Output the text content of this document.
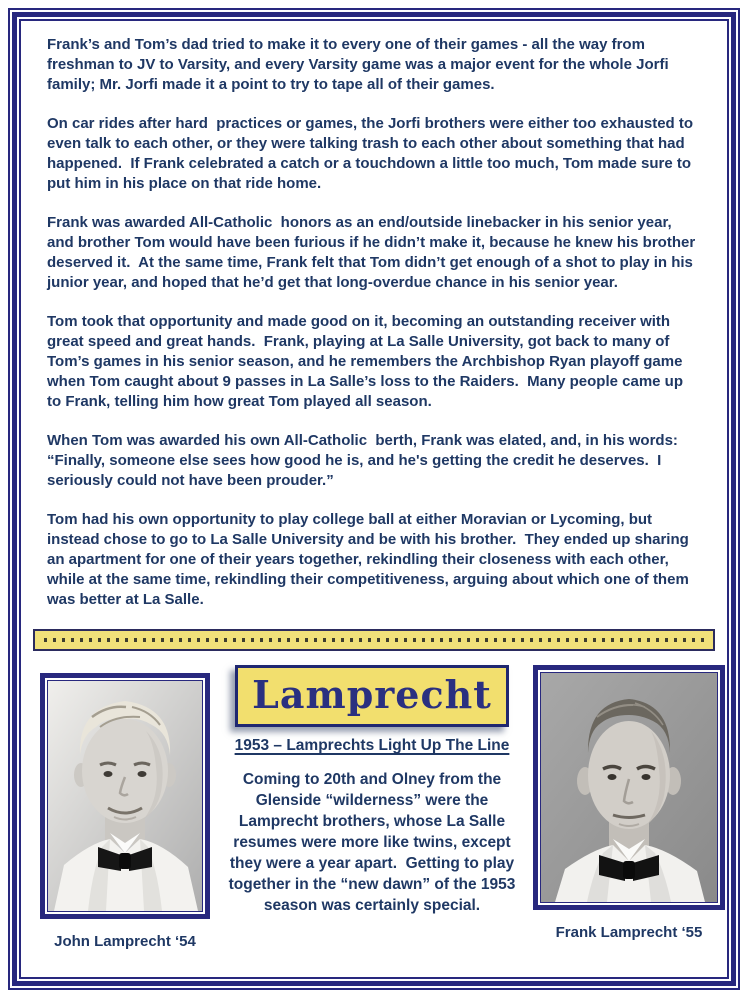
Frank’s and Tom’s dad tried to make it to every one of their games - all the way from freshman to JV to Varsity, and every Varsity game was a major event for the whole Jorfi family; Mr. Jorfi made it a point to try to tape all of their games.

On car rides after hard  practices or games, the Jorfi brothers were either too exhausted to even talk to each other, or they were talking trash to each other about something that had happened.  If Frank celebrated a catch or a touchdown a little too much, Tom made sure to put him in his place on that ride home.

Frank was awarded All-Catholic  honors as an end/outside linebacker in his senior year, and brother Tom would have been furious if he didn’t make it, because he knew his brother deserved it.  At the same time, Frank felt that Tom didn’t get enough of a shot to play in his junior year, and hoped that he’d get that long-overdue chance in his senior year.

Tom took that opportunity and made good on it, becoming an outstanding receiver with great speed and great hands.  Frank, playing at La Salle University, got back to many of Tom’s games in his senior season, and he remembers the Archbishop Ryan playoff game when Tom caught about 9 passes in La Salle’s loss to the Raiders.  Many people came up to Frank, telling him how great Tom played all season.

When Tom was awarded his own All-Catholic  berth, Frank was elated, and, in his words: “Finally, someone else sees how good he is, and he's getting the credit he deserves.  I seriously could not have been prouder.”

Tom had his own opportunity to play college ball at either Moravian or Lycoming, but instead chose to go to La Salle University and be with his brother.  They ended up sharing an apartment for one of their years together, rekindling their closeness with each other, while at the same time, rekindling their competitiveness, arguing about which one of them was better at La Salle.

John Lamprecht ‘54
Lamprecht
1953 – Lamprechts Light Up The Line

Coming to 20th and Olney from the Glenside “wilderness” were the Lamprecht brothers, whose La Salle resumes were more like twins, except they were a year apart.  Getting to play together in the “new dawn” of the 1953 season was certainly special.

Frank Lamprecht ‘55
